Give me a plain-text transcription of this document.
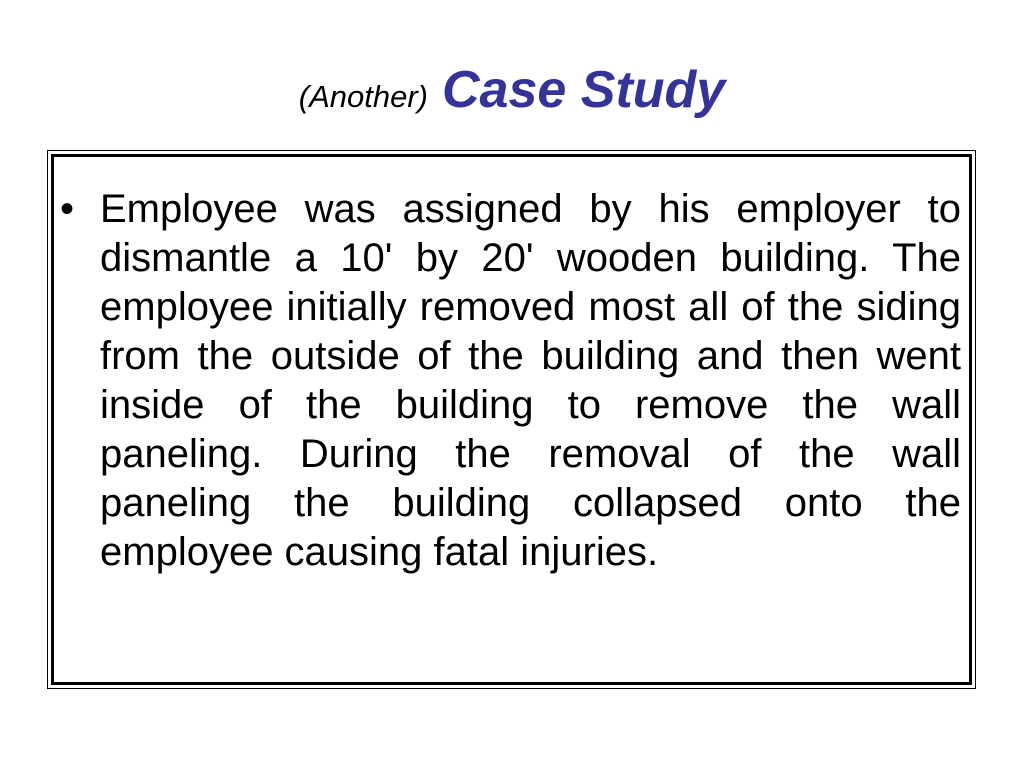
(Another) Case Study
• Employee was assigned by his employer to dismantle a 10' by 20' wooden building. The employee initially removed most all of the siding from the outside of the building and then went inside of the building to remove the wall paneling. During the removal of the wall paneling the building collapsed onto the employee causing fatal injuries.
